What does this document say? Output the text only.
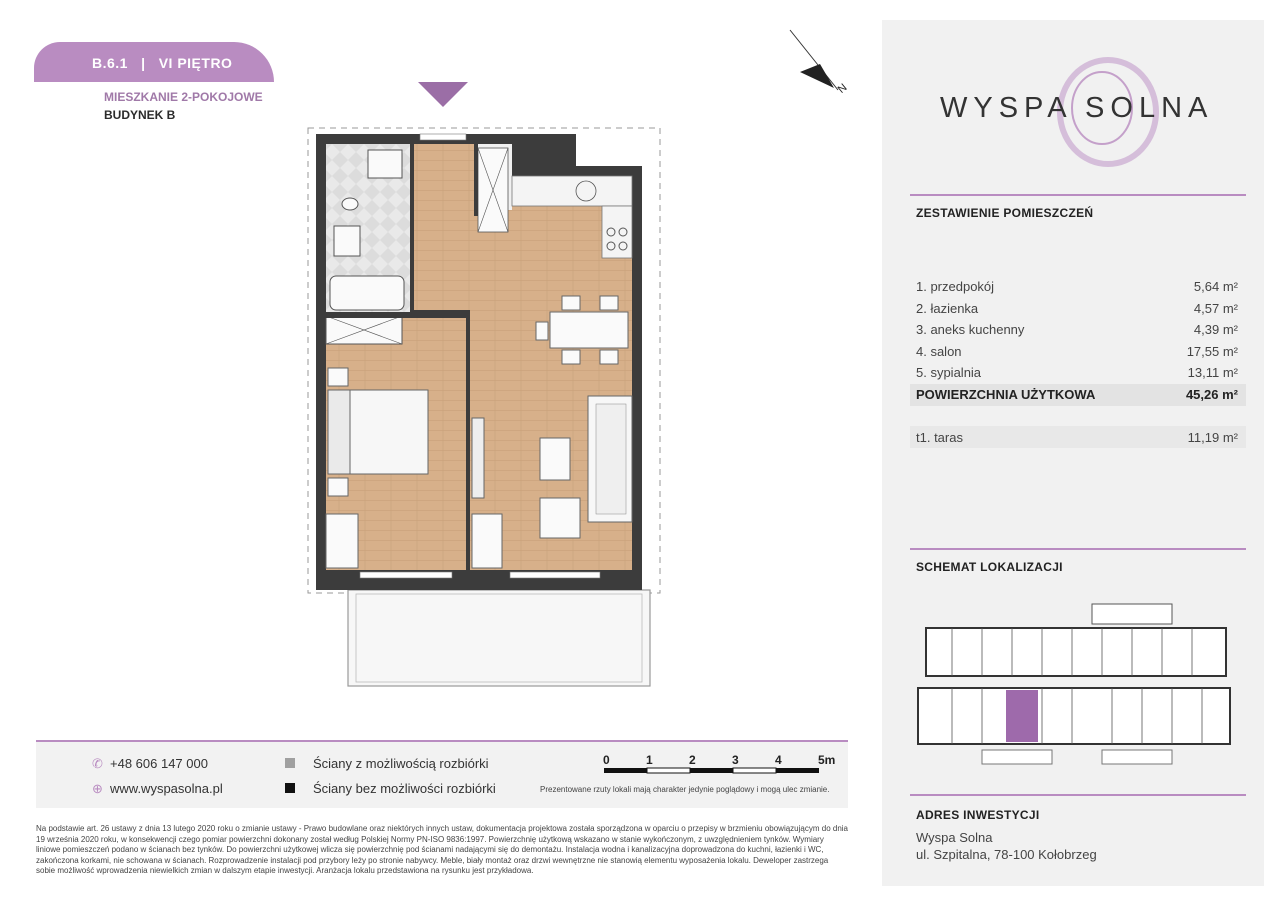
B.6.1   |   VI PIĘTRO
MIESZKANIE 2-POKOJOWE
BUDYNEK B
N
WYSPA SOLNA
ZESTAWIENIE POMIESZCZEŃ
1. przedpokój	5,64 m²
2. łazienka	4,57 m²
3. aneks kuchenny	4,39 m²
4. salon	17,55 m²
5. sypialnia	13,11 m²
POWIERZCHNIA UŻYTKOWA	45,26 m²
t1. taras	11,19 m²
SCHEMAT LOKALIZACJI
ADRES INWESTYCJI
Wyspa Solna
ul. Szpitalna, 78-100 Kołobrzeg
✆ +48 606 147 000
⊕ www.wyspasolna.pl
Ściany z możliwością rozbiórki
Ściany bez możliwości rozbiórki
0	1	2	3	4	5m
Prezentowane rzuty lokali mają charakter jedynie poglądowy i mogą ulec zmianie.
Na podstawie art. 26 ustawy z dnia 13 lutego 2020 roku o zmianie ustawy - Prawo budowlane oraz niektórych innych ustaw, dokumentacja projektowa została sporządzona w oparciu o przepisy w brzmieniu obowiązującym do dnia 19 września 2020 roku, w konsekwencji czego pomiar powierzchni dokonany został według Polskiej Normy PN-ISO 9836:1997. Powierzchnię użytkową wskazano w stanie wykończonym, z uwzględnieniem tynków. Wymiary liniowe pomieszczeń podano w ścianach bez tynków. Do powierzchni użytkowej wlicza się powierzchnię pod ścianami nadającymi się do demontażu. Instalacja wodna i kanalizacyjna doprowadzona do kuchni, łazienki i WC, zakończona korkami, nie schowana w ścianach. Rozprowadzenie instalacji pod przybory leży po stronie nabywcy. Meble, biały montaż oraz drzwi wewnętrzne nie stanowią elementu wyposażenia lokalu. Deweloper zastrzega sobie możliwość wprowadzenia niewielkich zmian w dalszym etapie inwestycji. Aranżacja lokalu przedstawiona na rysunku jest przykładowa.
